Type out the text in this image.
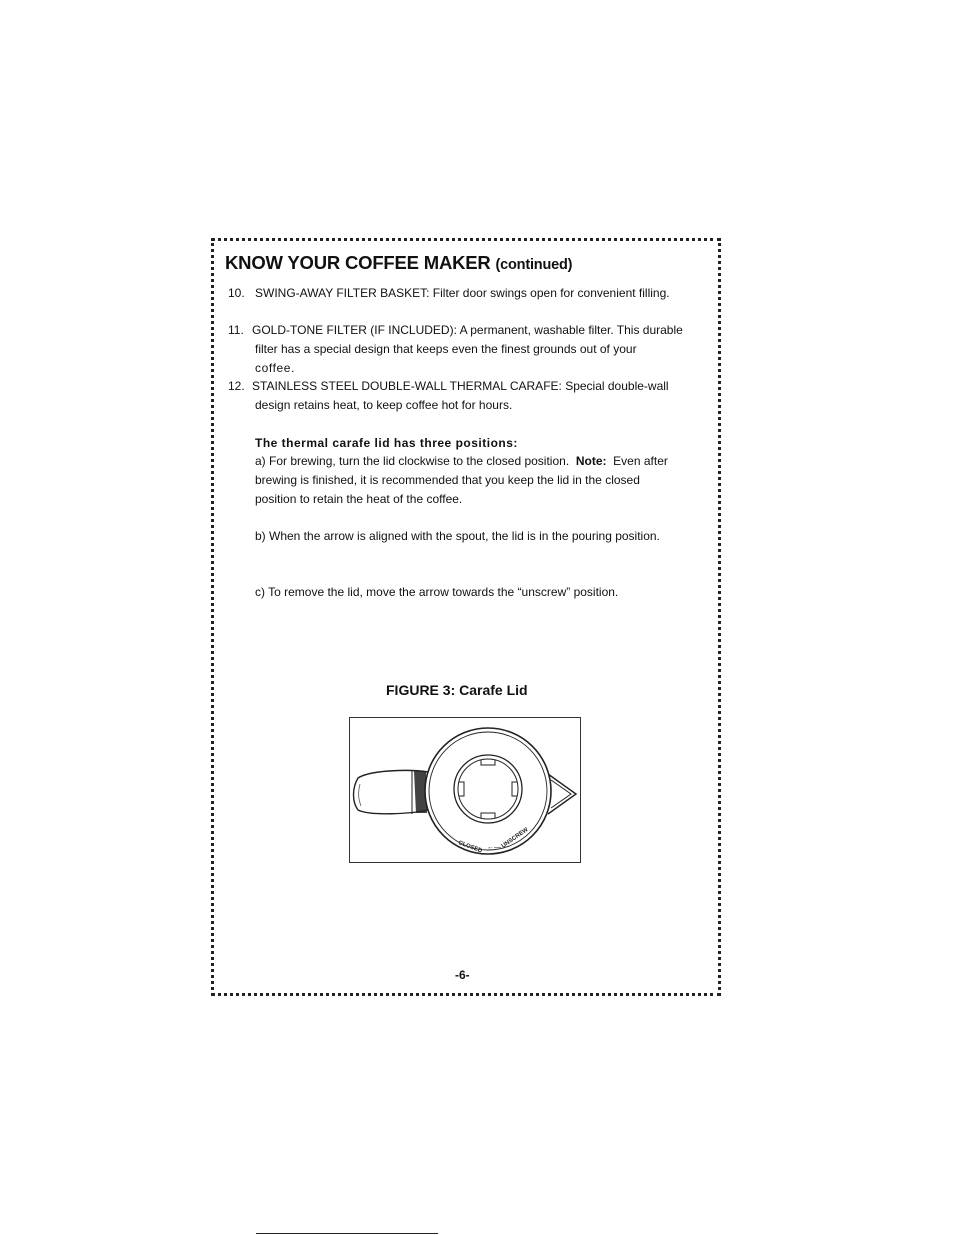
KNOW YOUR COFFEE MAKER (continued)

10. SWING-AWAY FILTER BASKET: Filter door swings open for convenient filling.

11. GOLD-TONE FILTER (IF INCLUDED): A permanent, washable filter. This durable

filter has a special design that keeps even the finest grounds out of your

coffee.

12. STAINLESS STEEL DOUBLE-WALL THERMAL CARAFE: Special double-wall

design retains heat, to keep coffee hot for hours.

The thermal carafe lid has three positions:

a) For brewing, turn the lid clockwise to the closed position. Note: Even after

brewing is finished, it is recommended that you keep the lid in the closed

position to retain the heat of the coffee.

b) When the arrow is aligned with the spout, the lid is in the pouring position.

c) To remove the lid, move the arrow towards the “unscrew” position.

FIGURE 3: Carafe Lid

CLOSED ←— UNSCREW

-6-
